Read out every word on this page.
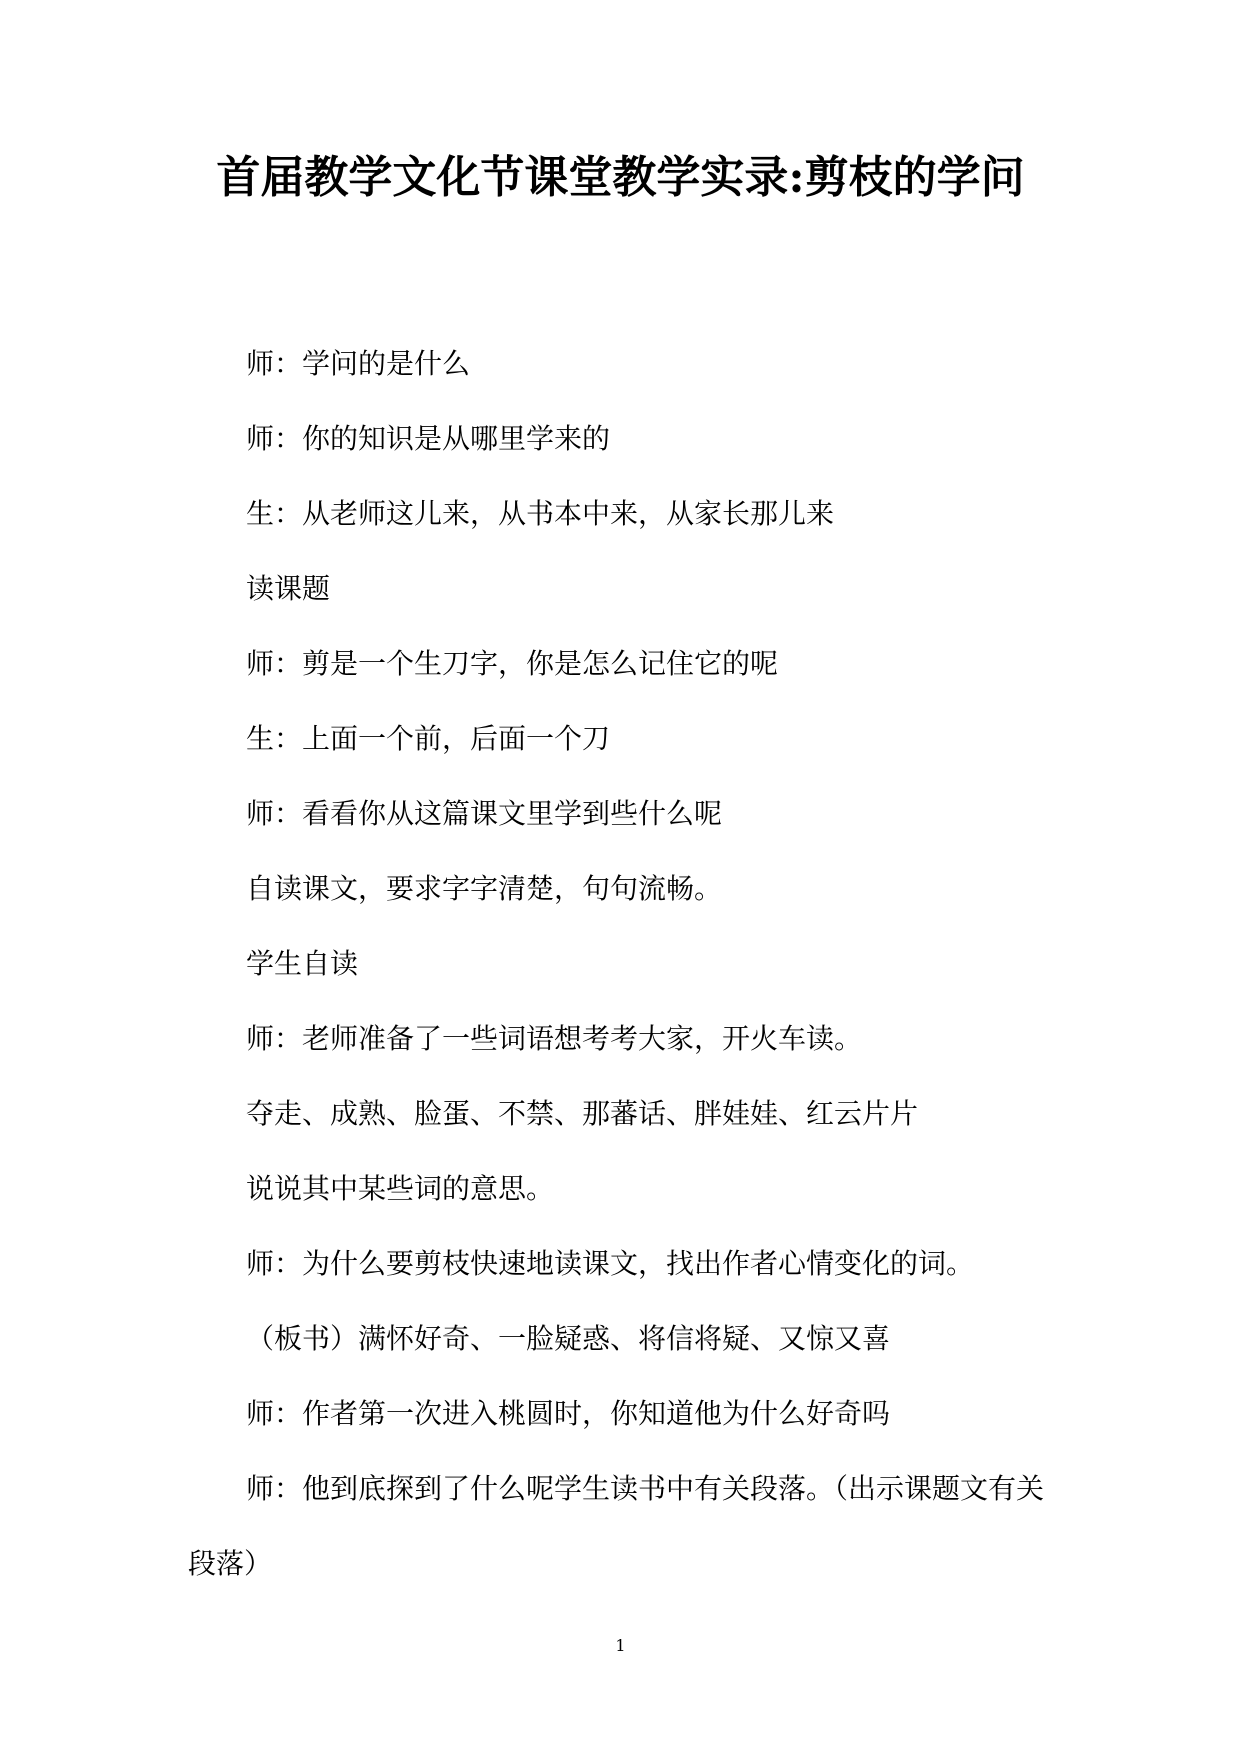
首届教学文化节课堂教学实录:剪枝的学问

师：学问的是什么

师：你的知识是从哪里学来的

生：从老师这儿来，从书本中来，从家长那儿来

读课题

师：剪是一个生刀字，你是怎么记住它的呢

生：上面一个前，后面一个刀

师：看看你从这篇课文里学到些什么呢

自读课文，要求字字清楚，句句流畅。

学生自读

师：老师准备了一些词语想考考大家，开火车读。

夺走、成熟、脸蛋、不禁、那蕃话、胖娃娃、红云片片

说说其中某些词的意思。

师：为什么要剪枝快速地读课文，找出作者心情变化的词。

（板书）满怀好奇、一脸疑惑、将信将疑、又惊又喜

师：作者第一次进入桃圆时，你知道他为什么好奇吗

师：他到底探到了什么呢学生读书中有关段落。（出示课题文有关段落）

1
